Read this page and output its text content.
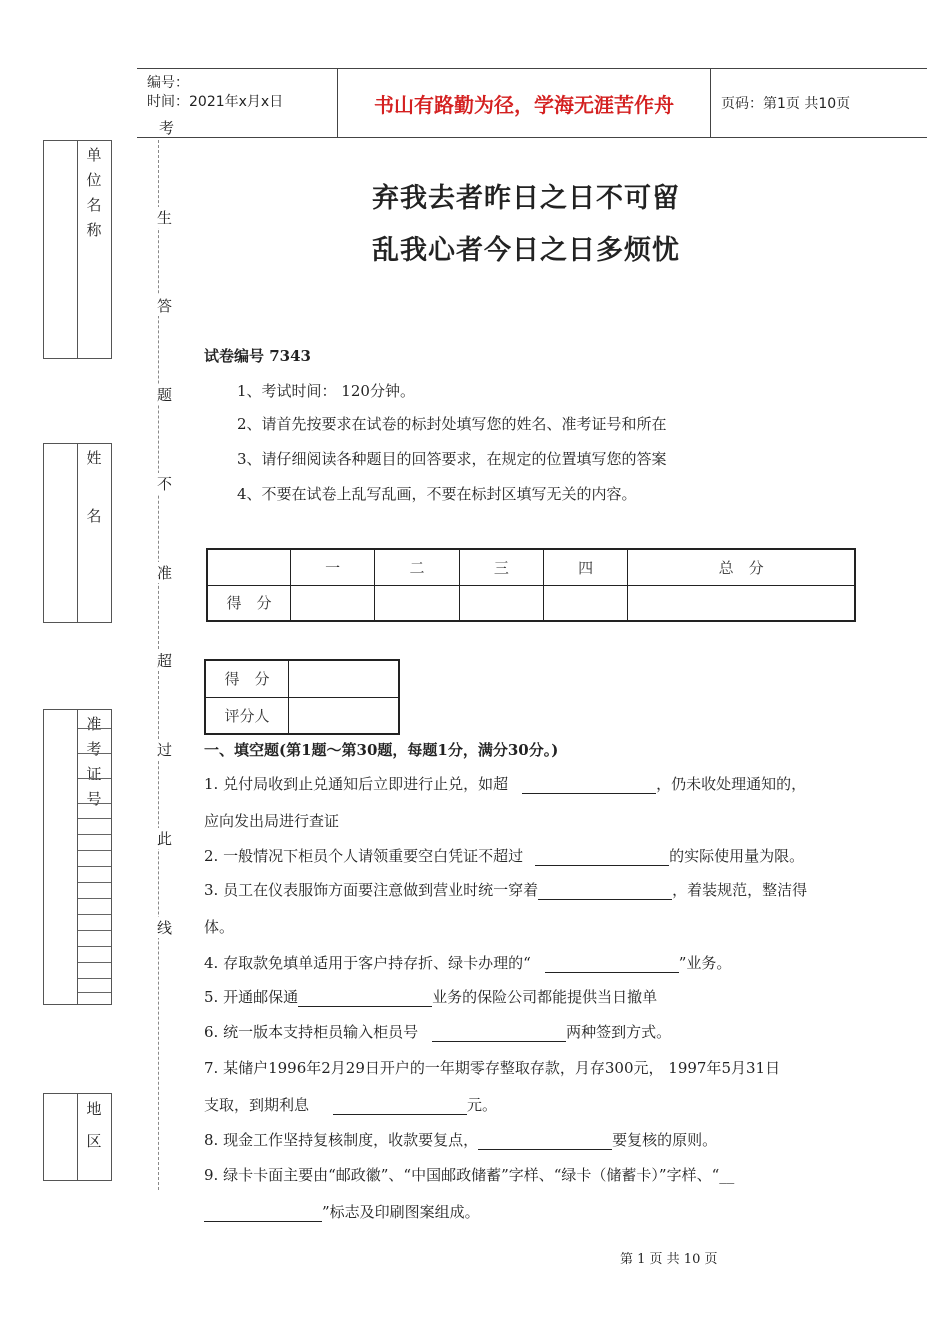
编号：
时间：2021年x月x日
考
书山有路勤为径，学海无涯苦作舟	页码：第1页 共10页
单
位
名
称
姓
名
准
考
证
号
地
区
生
答
题
不
准
超
过
此
线
弃我去者昨日之日不可留
乱我心者今日之日多烦忧
试卷编号 7343
1、考试时间： 120分钟。
2、请首先按要求在试卷的标封处填写您的姓名、准考证号和所在
3、请仔细阅读各种题目的回答要求，在规定的位置填写您的答案
4、不要在试卷上乱写乱画，不要在标封区填写无关的内容。
	一	二	三	四	总　分
得　分					
得　分	
评分人	
一、填空题(第1题～第30题，每题1分，满分30分。)
1. 兑付局收到止兑通知后立即进行止兑，如超	，仍未收处理通知的，
应向发出局进行查证
2. 一般情况下柜员个人请领重要空白凭证不超过	的实际使用量为限。
3. 员工在仪表服饰方面要注意做到营业时统一穿着	，着装规范，整洁得
体。
4. 存取款免填单适用于客户持存折、绿卡办理的“	”业务。
5. 开通邮保通	业务的保险公司都能提供当日撤单
6. 统一版本支持柜员输入柜员号	两种签到方式。
7. 某储户1996年2月29日开户的一年期零存整取存款，月存300元， 1997年5月31日
支取，到期利息	元。
8. 现金工作坚持复核制度，收款要复点，	要复核的原则。
9. 绿卡卡面主要由“邮政徽”、“中国邮政储蓄”字样、“绿卡（储蓄卡）”字样、“__
”标志及印刷图案组成。
第 1 页 共 10 页
